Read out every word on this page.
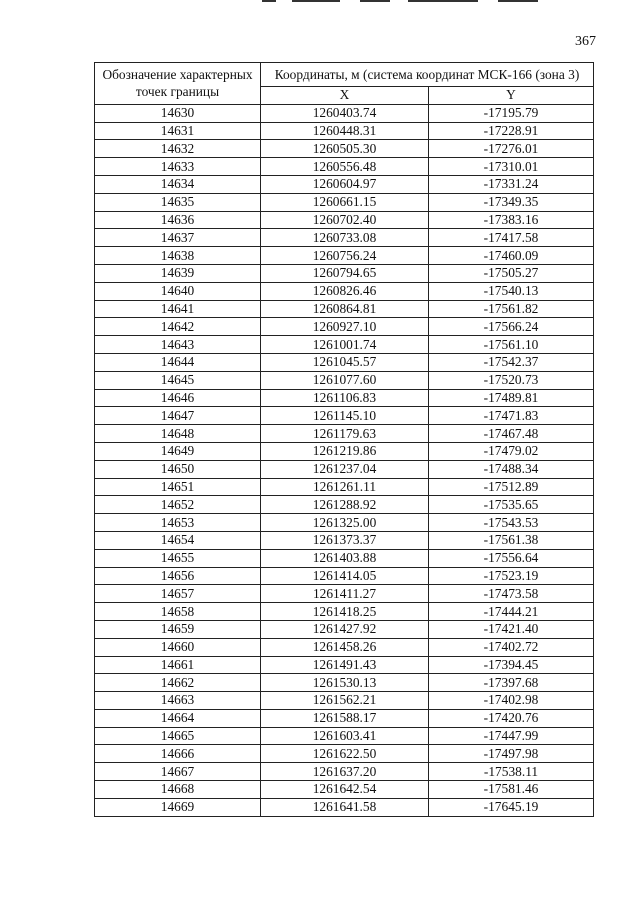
367
Обозначение характерных точек границы	Координаты, м (система координат МСК-166 (зона 3)	
	X	Y
14630	1260403.74	-17195.79
14631	1260448.31	-17228.91
14632	1260505.30	-17276.01
14633	1260556.48	-17310.01
14634	1260604.97	-17331.24
14635	1260661.15	-17349.35
14636	1260702.40	-17383.16
14637	1260733.08	-17417.58
14638	1260756.24	-17460.09
14639	1260794.65	-17505.27
14640	1260826.46	-17540.13
14641	1260864.81	-17561.82
14642	1260927.10	-17566.24
14643	1261001.74	-17561.10
14644	1261045.57	-17542.37
14645	1261077.60	-17520.73
14646	1261106.83	-17489.81
14647	1261145.10	-17471.83
14648	1261179.63	-17467.48
14649	1261219.86	-17479.02
14650	1261237.04	-17488.34
14651	1261261.11	-17512.89
14652	1261288.92	-17535.65
14653	1261325.00	-17543.53
14654	1261373.37	-17561.38
14655	1261403.88	-17556.64
14656	1261414.05	-17523.19
14657	1261411.27	-17473.58
14658	1261418.25	-17444.21
14659	1261427.92	-17421.40
14660	1261458.26	-17402.72
14661	1261491.43	-17394.45
14662	1261530.13	-17397.68
14663	1261562.21	-17402.98
14664	1261588.17	-17420.76
14665	1261603.41	-17447.99
14666	1261622.50	-17497.98
14667	1261637.20	-17538.11
14668	1261642.54	-17581.46
14669	1261641.58	-17645.19
